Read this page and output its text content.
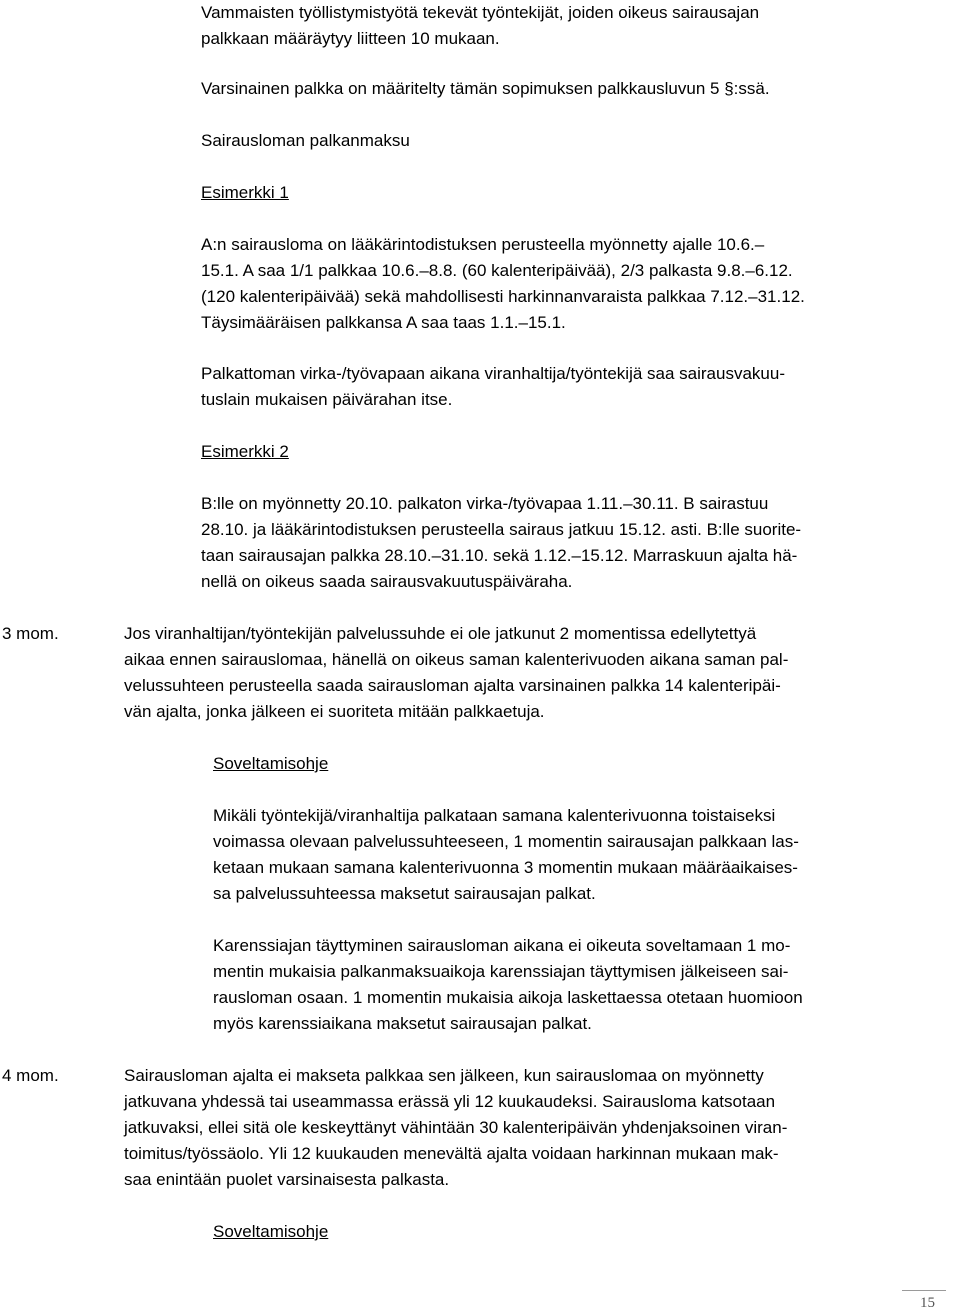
Vammaisten työllistymistyötä tekevät työntekijät, joiden oikeus sairausajan
palkkaan määräytyy liitteen 10 mukaan.
Varsinainen palkka on määritelty tämän sopimuksen palkkausluvun 5 §:ssä.
Sairausloman palkanmaksu
Esimerkki 1
A:n sairausloma on lääkärintodistuksen perusteella myönnetty ajalle 10.6.–
15.1. A saa 1/1 palkkaa 10.6.–8.8. (60 kalenteripäivää), 2/3 palkasta 9.8.–6.12.
(120 kalenteripäivää) sekä mahdollisesti harkinnanvaraista palkkaa 7.12.–31.12.
Täysimääräisen palkkansa A saa taas 1.1.–15.1.
Palkattoman virka-/työvapaan aikana viranhaltija/työntekijä saa sairausvakuu-
tuslain mukaisen päivärahan itse.
Esimerkki 2
B:lle on myönnetty 20.10. palkaton virka-/työvapaa 1.11.–30.11. B sairastuu
28.10. ja lääkärintodistuksen perusteella sairaus jatkuu 15.12. asti. B:lle suorite-
taan sairausajan palkka 28.10.–31.10. sekä 1.12.–15.12. Marraskuun ajalta hä-
nellä on oikeus saada sairausvakuutuspäiväraha.
3 mom.	Jos viranhaltijan/työntekijän palvelussuhde ei ole jatkunut 2 momentissa edellytettyä
aikaa ennen sairauslomaa, hänellä on oikeus saman kalenterivuoden aikana saman pal-
velussuhteen perusteella saada sairausloman ajalta varsinainen palkka 14 kalenteripäi-
vän ajalta, jonka jälkeen ei suoriteta mitään palkkaetuja.
Soveltamisohje
Mikäli työntekijä/viranhaltija palkataan samana kalenterivuonna toistaiseksi
voimassa olevaan palvelussuhteeseen, 1 momentin sairausajan palkkaan las-
ketaan mukaan samana kalenterivuonna 3 momentin mukaan määräaikaises-
sa palvelussuhteessa maksetut sairausajan palkat.
Karenssiajan täyttyminen sairausloman aikana ei oikeuta soveltamaan 1 mo-
mentin mukaisia palkanmaksuaikoja karenssiajan täyttymisen jälkeiseen sai-
rausloman osaan. 1 momentin mukaisia aikoja laskettaessa otetaan huomioon
myös karenssiaikana maksetut sairausajan palkat.
4 mom.	Sairausloman ajalta ei makseta palkkaa sen jälkeen, kun sairauslomaa on myönnetty
jatkuvana yhdessä tai useammassa erässä yli 12 kuukaudeksi. Sairausloma katsotaan
jatkuvaksi, ellei sitä ole keskeyttänyt vähintään 30 kalenteripäivän yhdenjaksoinen viran-
toimitus/työssäolo. Yli 12 kuukauden menevältä ajalta voidaan harkinnan mukaan mak-
saa enintään puolet varsinaisesta palkasta.
Soveltamisohje
15
